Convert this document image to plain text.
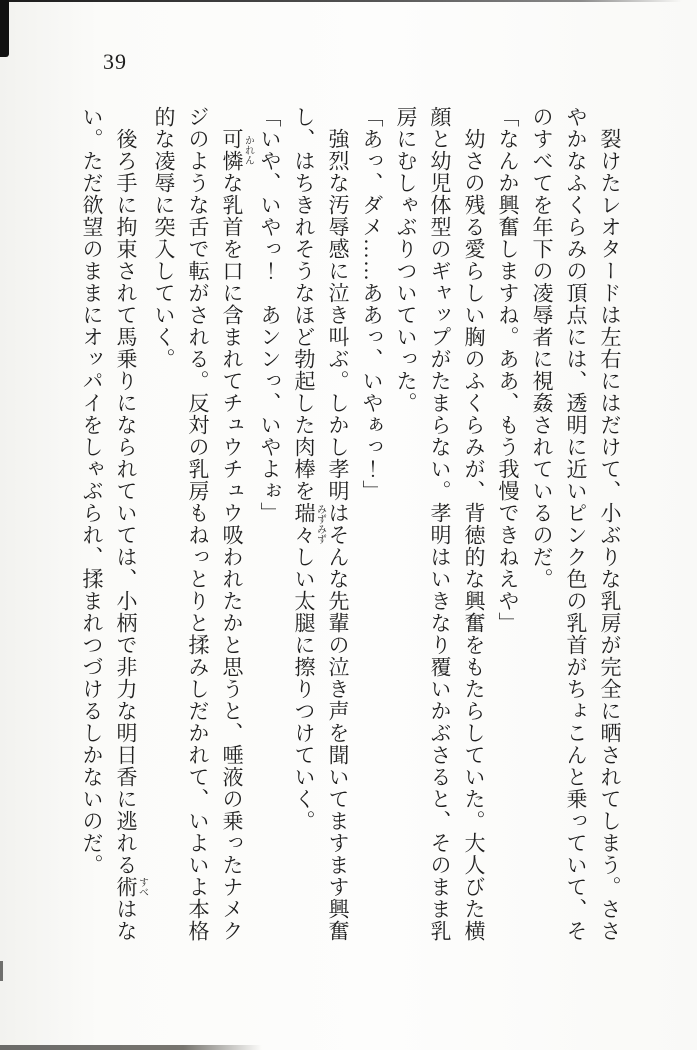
39

裂けたレオタードは左右にはだけて、小ぶりな乳房が完全に晒されてしまう。ささやかなふくらみの頂点には、透明に近いピンク色の乳首がちょこんと乗っていて、そのすべてを年下の凌辱者に視姦されているのだ。

「なんか興奮しますね。ああ、もう我慢できねえや」

幼さの残る愛らしい胸のふくらみが、背徳的な興奮をもたらしていた。大人びた横顔と幼児体型のギャップがたまらない。孝明はいきなり覆いかぶさると、そのまま乳房にむしゃぶりついていった。

「あっ、ダメ……ああっ、いやぁっ！」

強烈な汚辱感に泣き叫ぶ。しかし孝明はそんな先輩の泣き声を聞いてますます興奮し、はちきれそうなほど勃起した肉棒を瑞々みずみずしい太腿に擦りつけていく。

「いや、いやっ！　あンンっ、いやよぉ」

可憐かれんな乳首を口に含まれてチュウチュウ吸われたかと思うと、唾液の乗ったナメクジのような舌で転がされる。反対の乳房もねっとりと揉みしだかれて、いよいよ本格的な凌辱に突入していく。

後ろ手に拘束されて馬乗りになられていては、小柄で非力な明日香に逃れる術すべはない。ただ欲望のままにオッパイをしゃぶられ、揉まれつづけるしかないのだ。
